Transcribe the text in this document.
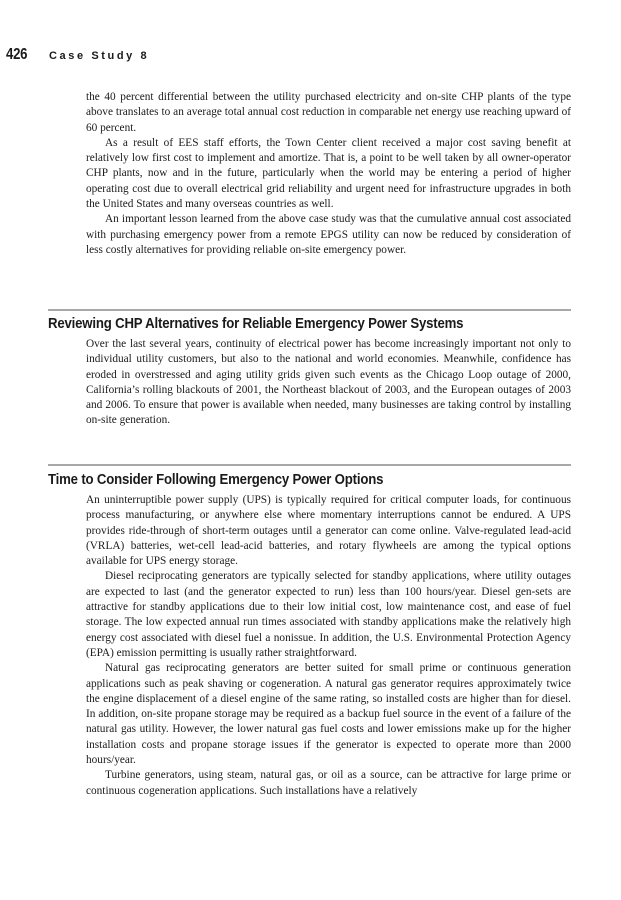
426 Case Study 8

the 40 percent differential between the utility purchased electricity and on-site CHP plants of the type above translates to an average total annual cost reduction in comparable net energy use reaching upward of 60 percent.

As a result of EES staff efforts, the Town Center client received a major cost saving benefit at relatively low first cost to implement and amortize. That is, a point to be well taken by all owner-operator CHP plants, now and in the future, particularly when the world may be entering a period of higher operating cost due to overall electrical grid reliability and urgent need for infrastructure upgrades in both the United States and many overseas countries as well.

An important lesson learned from the above case study was that the cumulative annual cost associated with purchasing emergency power from a remote EPGS utility can now be reduced by consideration of less costly alternatives for providing reliable on-site emergency power.

Reviewing CHP Alternatives for Reliable Emergency Power Systems

Over the last several years, continuity of electrical power has become increasingly important not only to individual utility customers, but also to the national and world economies. Meanwhile, confidence has eroded in overstressed and aging utility grids given such events as the Chicago Loop outage of 2000, California’s rolling blackouts of 2001, the Northeast blackout of 2003, and the European outages of 2003 and 2006. To ensure that power is available when needed, many businesses are taking control by installing on-site generation.

Time to Consider Following Emergency Power Options

An uninterruptible power supply (UPS) is typically required for critical computer loads, for continuous process manufacturing, or anywhere else where momentary interruptions cannot be endured. A UPS provides ride-through of short-term outages until a generator can come online. Valve-regulated lead-acid (VRLA) batteries, wet-cell lead-acid batteries, and rotary flywheels are among the typical options available for UPS energy storage.

Diesel reciprocating generators are typically selected for standby applications, where utility outages are expected to last (and the generator expected to run) less than 100 hours/year. Diesel gen-sets are attractive for standby applications due to their low initial cost, low maintenance cost, and ease of fuel storage. The low expected annual run times associated with standby applications make the relatively high energy cost associated with diesel fuel a nonissue. In addition, the U.S. Environmental Protection Agency (EPA) emission permitting is usually rather straightforward.

Natural gas reciprocating generators are better suited for small prime or continuous generation applications such as peak shaving or cogeneration. A natural gas generator requires approximately twice the engine displacement of a diesel engine of the same rating, so installed costs are higher than for diesel. In addition, on-site propane storage may be required as a backup fuel source in the event of a failure of the natural gas utility. However, the lower natural gas fuel costs and lower emissions make up for the higher installation costs and propane storage issues if the generator is expected to operate more than 2000 hours/year.

Turbine generators, using steam, natural gas, or oil as a source, can be attractive for large prime or continuous cogeneration applications. Such installations have a relatively
